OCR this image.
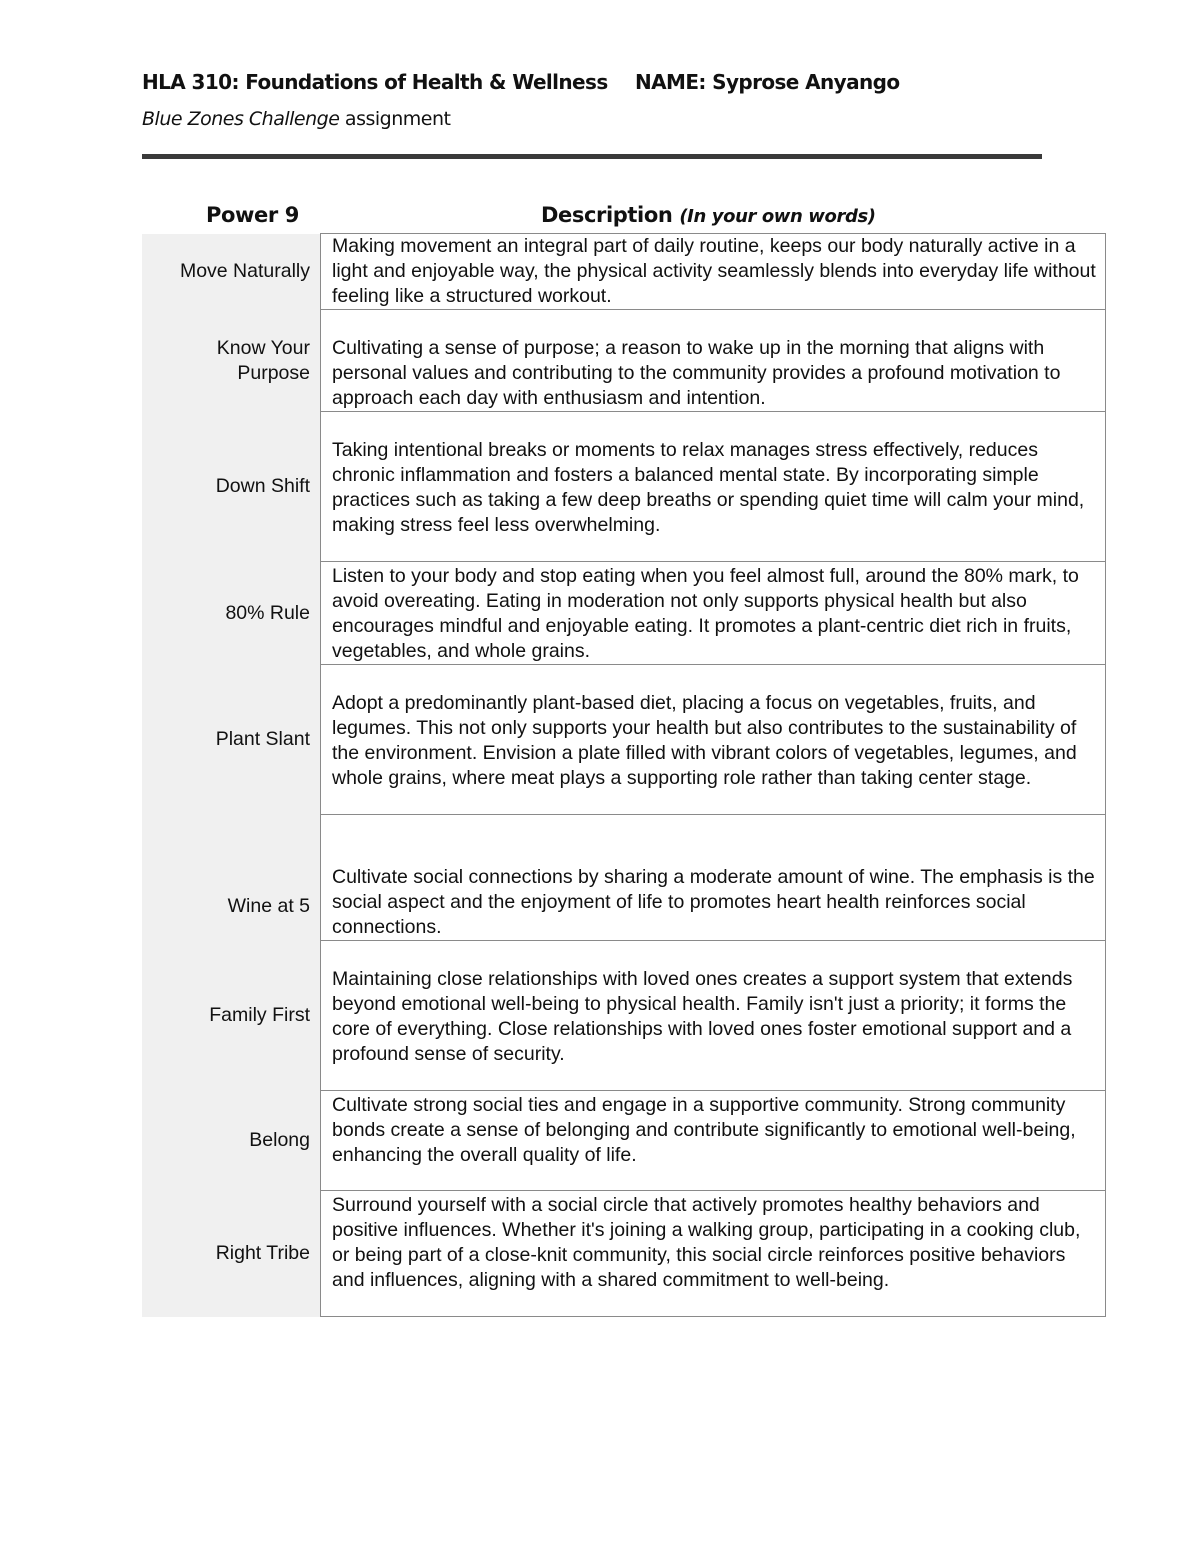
HLA 310: Foundations of Health & Wellness NAME: Syprose Anyango
Blue Zones Challenge assignment
Power 9	Description (In your own words)
Move Naturally	Making movement an integral part of daily routine, keeps our body naturally active in a light and enjoyable way, the physical activity seamlessly blends into everyday life without feeling like a structured workout.

Know Your Purpose	Cultivating a sense of purpose; a reason to wake up in the morning that aligns with personal values and contributing to the community provides a profound motivation to approach each day with enthusiasm and intention.

Down Shift	Taking intentional breaks or moments to relax manages stress effectively, reduces chronic inflammation and fosters a balanced mental state. By incorporating simple practices such as taking a few deep breaths or spending quiet time will calm your mind, making stress feel less overwhelming.

80% Rule	Listen to your body and stop eating when you feel almost full, around the 80% mark, to avoid overeating. Eating in moderation not only supports physical health but also encourages mindful and enjoyable eating. It promotes a plant-centric diet rich in fruits, vegetables, and whole grains.

Plant Slant	Adopt a predominantly plant-based diet, placing a focus on vegetables, fruits, and legumes. This not only supports your health but also contributes to the sustainability of the environment. Envision a plate filled with vibrant colors of vegetables, legumes, and whole grains, where meat plays a supporting role rather than taking center stage.

Wine at 5	Cultivate social connections by sharing a moderate amount of wine. The emphasis is the social aspect and the enjoyment of life to promotes heart health reinforces social connections.

Family First	Maintaining close relationships with loved ones creates a support system that extends beyond emotional well-being to physical health. Family isn't just a priority; it forms the core of everything. Close relationships with loved ones foster emotional support and a profound sense of security.

Belong	Cultivate strong social ties and engage in a supportive community. Strong community bonds create a sense of belonging and contribute significantly to emotional well-being, enhancing the overall quality of life.

Right Tribe	Surround yourself with a social circle that actively promotes healthy behaviors and positive influences. Whether it's joining a walking group, participating in a cooking club, or being part of a close-knit community, this social circle reinforces positive behaviors and influences, aligning with a shared commitment to well-being.
